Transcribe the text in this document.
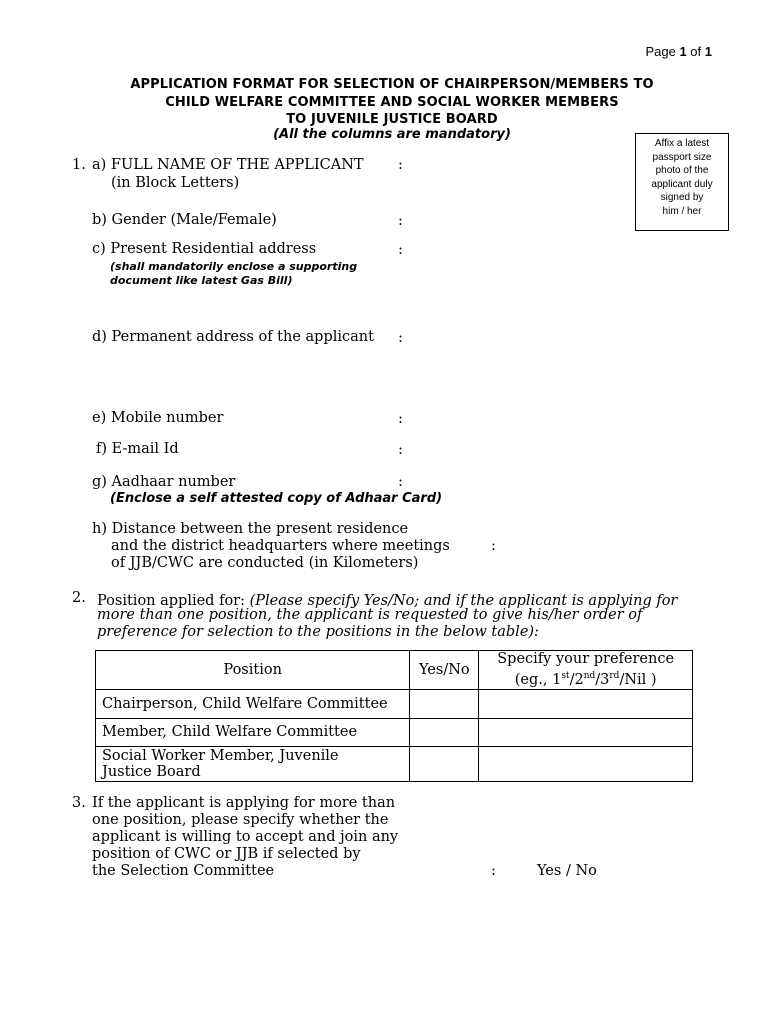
Page 1 of 1
APPLICATION FORMAT FOR SELECTION OF CHAIRPERSON/MEMBERS TO
CHILD WELFARE COMMITTEE AND SOCIAL WORKER MEMBERS
TO JUVENILE JUSTICE BOARD
(All the columns are mandatory)
Affix a latest
passport size
photo of the
applicant duly
signed by
him / her
1. a) FULL NAME OF THE APPLICANT :
(in Block Letters)
b) Gender (Male/Female)	:
c) Present Residential address	:
(shall mandatorily enclose a supporting
document like latest Gas Bill)
d) Permanent address of the applicant :
e) Mobile number	:
f) E-mail Id	:
g) Aadhaar number	:
(Enclose a self attested copy of Adhaar Card)
h) Distance between the present residence
and the district headquarters where meetings	:
of JJB/CWC are conducted (in Kilometers)
2. Position applied for: (Please specify Yes/No; and if the applicant is applying for
more than one position, the applicant is requested to give his/her order of
preference for selection to the positions in the below table):
Position	Yes/No	Specify your preference
(eg., 1st/2nd/3rd/Nil )

Chairperson, Child Welfare Committee		
Member, Child Welfare Committee		

Social Worker Member, Juvenile
Justice Board		

3. If the applicant is applying for more than
one position, please specify whether the
applicant is willing to accept and join any
position of CWC or JJB if selected by
the Selection Committee	:	Yes / No
